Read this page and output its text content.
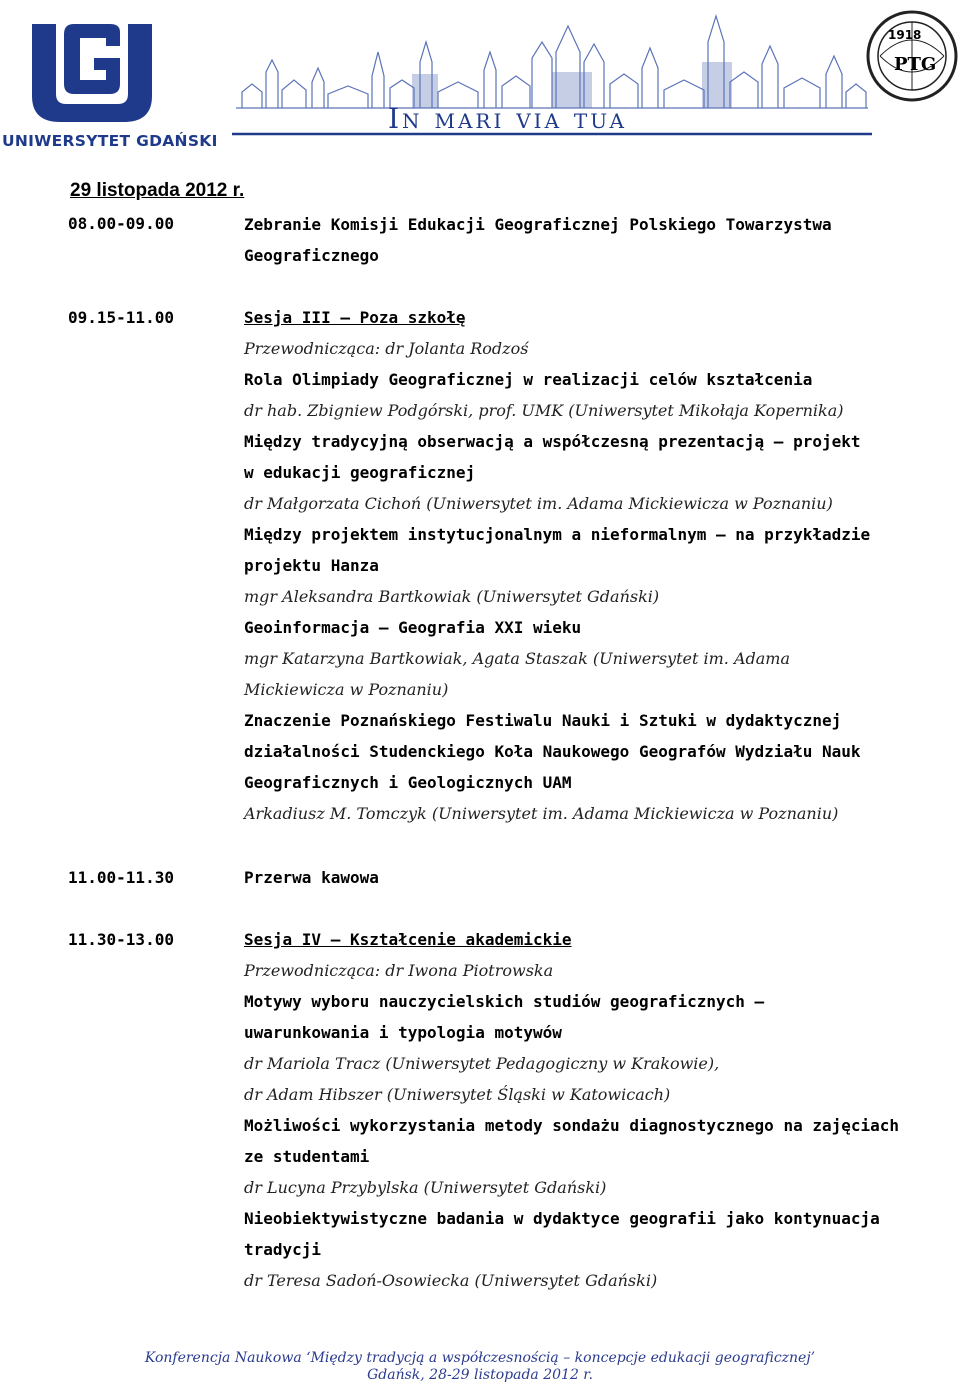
UNIWERSYTET GDAŃSKI
In mari via tua
1918
PTG
29 listopada 2012 r.
08.00-09.00	Zebranie Komisji Edukacji Geograficznej Polskiego Towarzystwa
Geograficznego
09.15-11.00	Sesja III – Poza szkołę
Przewodnicząca: dr Jolanta Rodzoś
Rola Olimpiady Geograficznej w realizacji celów kształcenia
dr hab. Zbigniew Podgórski, prof. UMK (Uniwersytet Mikołaja Kopernika)
Między tradycyjną obserwacją a współczesną prezentacją – projekt
w edukacji geograficznej
dr Małgorzata Cichoń (Uniwersytet im. Adama Mickiewicza w Poznaniu)
Między projektem instytucjonalnym a nieformalnym – na przykładzie
projektu Hanza
mgr Aleksandra Bartkowiak (Uniwersytet Gdański)
Geoinformacja – Geografia XXI wieku
mgr Katarzyna Bartkowiak, Agata Staszak (Uniwersytet im. Adama
Mickiewicza w Poznaniu)
Znaczenie Poznańskiego Festiwalu Nauki i Sztuki w dydaktycznej
działalności Studenckiego Koła Naukowego Geografów Wydziału Nauk
Geograficznych i Geologicznych UAM
Arkadiusz M. Tomczyk (Uniwersytet im. Adama Mickiewicza w Poznaniu)
11.00-11.30	Przerwa kawowa
11.30-13.00	Sesja IV – Kształcenie akademickie
Przewodnicząca: dr Iwona Piotrowska
Motywy wyboru nauczycielskich studiów geograficznych –
uwarunkowania i typologia motywów
dr Mariola Tracz (Uniwersytet Pedagogiczny w Krakowie),
dr Adam Hibszer (Uniwersytet Śląski w Katowicach)
Możliwości wykorzystania metody sondażu diagnostycznego na zajęciach
ze studentami
dr Lucyna Przybylska (Uniwersytet Gdański)
Nieobiektywistyczne badania w dydaktyce geografii jako kontynuacja
tradycji
dr Teresa Sadoń-Osowiecka (Uniwersytet Gdański)
Konferencja Naukowa ‘Między tradycją a współczesnością – koncepcje edukacji geograficznej’
Gdańsk, 28-29 listopada 2012 r.
